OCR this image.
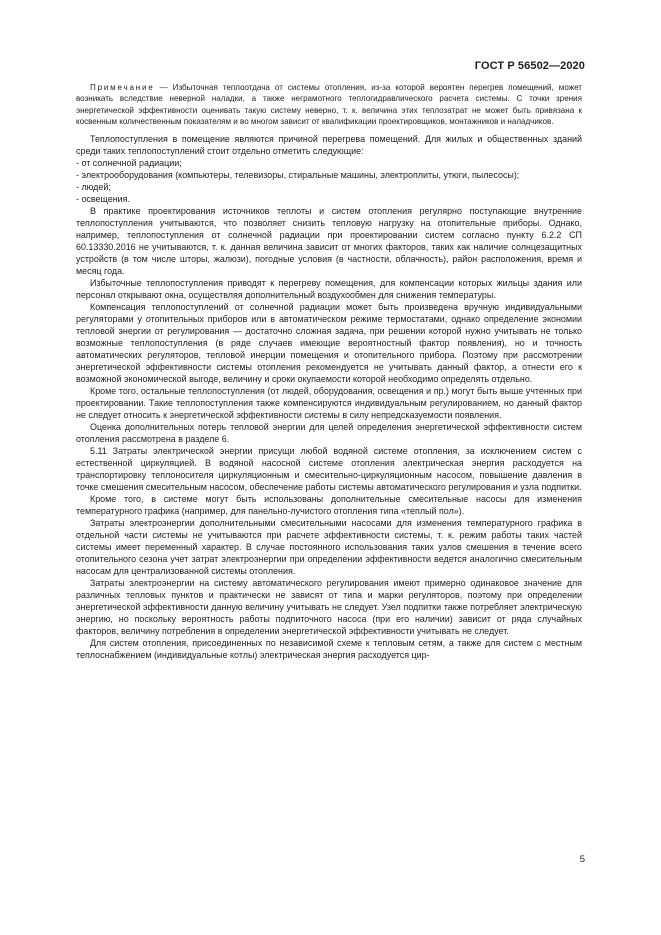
ГОСТ Р 56502—2020
Примечание — Избыточная теплоотдача от системы отопления, из-за которой вероятен перегрев помещений, может возникать вследствие неверной наладки, а также неграмотного теплогидравлического расчета системы. С точки зрения энергетической эффективности оценивать такую систему неверно, т. к. величина этих теплозатрат не может быть привязана к косвенным количественным показателям и во многом зависит от квалификации проектировщиков, монтажников и наладчиков.
Теплопоступления в помещение являются причиной перегрева помещений. Для жилых и общественных зданий среди таких теплопоступлений стоит отдельно отметить следующие:
- от солнечной радиации;
- электрооборудования (компьютеры, телевизоры, стиральные машины, электроплиты, утюги, пылесосы);
- людей;
- освещения.
В практике проектирования источников теплоты и систем отопления регулярно поступающие внутренние теплопоступления учитываются, что позволяет снизить тепловую нагрузку на отопительные приборы. Однако, например, теплопоступления от солнечной радиации при проектировании систем согласно пункту 6.2.2 СП 60.13330.2016 не учитываются, т. к. данная величина зависит от многих факторов, таких как наличие солнцезащитных устройств (в том числе шторы, жалюзи), погодные условия (в частности, облачность), район расположения, время и месяц года.
Избыточные теплопоступления приводят к перегреву помещения, для компенсации которых жильцы здания или персонал открывают окна, осуществляя дополнительный воздухообмен для снижения температуры.
Компенсация теплопоступлений от солнечной радиации может быть произведена вручную индивидуальными регуляторами у отопительных приборов или в автоматическом режиме термостатами, однако определение экономии тепловой энергии от регулирования — достаточно сложная задача, при решении которой нужно учитывать не только возможные теплопоступления (в ряде случаев имеющие вероятностный фактор появления), но и точность автоматических регуляторов, тепловой инерции помещения и отопительного прибора. Поэтому при рассмотрении энергетической эффективности системы отопления рекомендуется не учитывать данный фактор, а отнести его к возможной экономической выгоде, величину и сроки окупаемости которой необходимо определять отдельно.
Кроме того, остальные теплопоступления (от людей, оборудования, освещения и пр.) могут быть выше учтенных при проектировании. Такие теплопоступления также компенсируются индивидуальным регулированием, но данный фактор не следует относить к энергетической эффективности системы в силу непредсказуемости появления.
Оценка дополнительных потерь тепловой энергии для целей определения энергетической эффективности систем отопления рассмотрена в разделе 6.
5.11 Затраты электрической энергии присущи любой водяной системе отопления, за исключением систем с естественной циркуляцией. В водяной насосной системе отопления электрическая энергия расходуется на транспортировку теплоносителя циркуляционным и смесительно-циркуляционным насосом, повышение давления в точке смешения смесительным насосом, обеспечение работы системы автоматического регулирования и узла подпитки.
Кроме того, в системе могут быть использованы дополнительные смесительные насосы для изменения температурного графика (например, для панельно-лучистого отопления типа «теплый пол»).
Затраты электроэнергии дополнительными смесительными насосами для изменения температурного графика в отдельной части системы не учитываются при расчете эффективности системы, т. к. режим работы таких частей системы имеет переменный характер. В случае постоянного использования таких узлов смешения в течение всего отопительного сезона учет затрат электроэнергии при определении эффективности ведется аналогично смесительным насосам для централизованной системы отопления.
Затраты электроэнергии на систему автоматического регулирования имеют примерно одинаковое значение для различных тепловых пунктов и практически не зависят от типа и марки регуляторов, поэтому при определении энергетической эффективности данную величину учитывать не следует. Узел подпитки также потребляет электрическую энергию, но поскольку вероятность работы подпиточного насоса (при его наличии) зависит от ряда случайных факторов, величину потребления в определении энергетической эффективности учитывать не следует.
Для систем отопления, присоединенных по независимой схеме к тепловым сетям, а также для систем с местным теплоснабжением (индивидуальные котлы) электрическая энергия расходуется цир-
5
